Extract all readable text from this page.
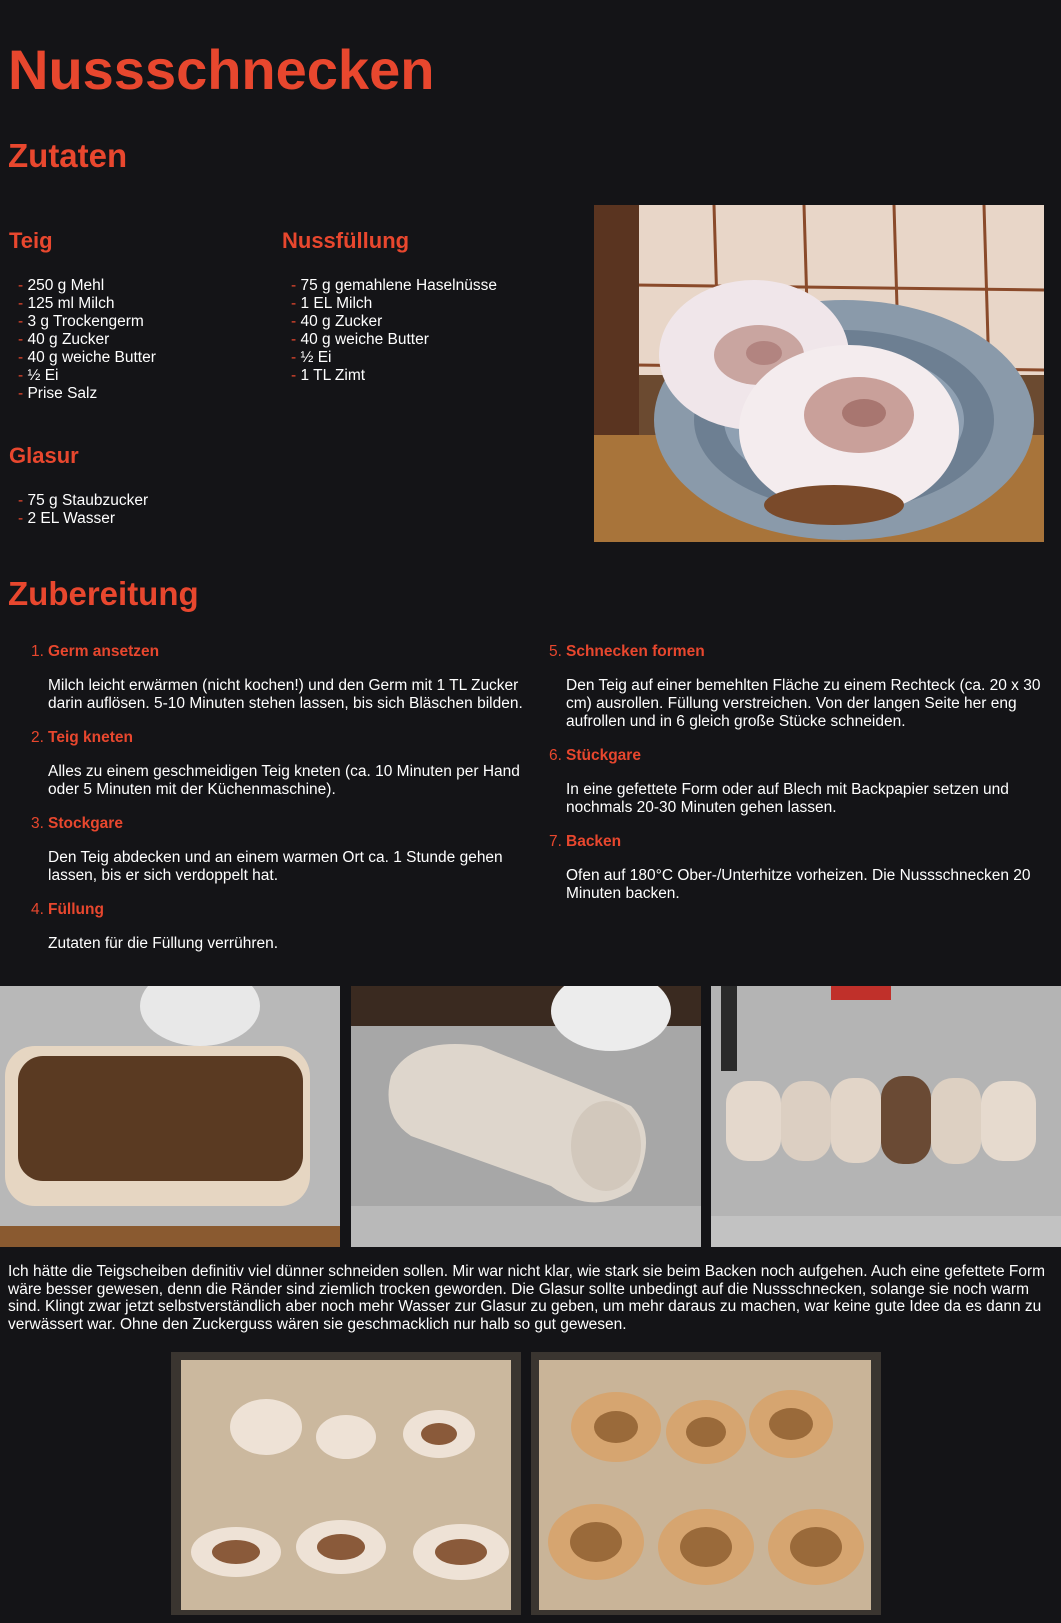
Nussschnecken
Zutaten
Teig
- 250 g Mehl
- 125 ml Milch
- 3 g Trockengerm
- 40 g Zucker
- 40 g weiche Butter
- ½ Ei
- Prise Salz
Nussfüllung
- 75 g gemahlene Haselnüsse
- 1 EL Milch
- 40 g Zucker
- 40 g weiche Butter
- ½ Ei
- 1 TL Zimt
Glasur
- 75 g Staubzucker
- 2 EL Wasser
Zubereitung
1. Germ ansetzen
Milch leicht erwärmen (nicht kochen!) und den Germ mit 1 TL Zucker darin auflösen. 5-10 Minuten stehen lassen, bis sich Bläschen bilden.
2. Teig kneten
Alles zu einem geschmeidigen Teig kneten (ca. 10 Minuten per Hand oder 5 Minuten mit der Küchenmaschine).
3. Stockgare
Den Teig abdecken und an einem warmen Ort ca. 1 Stunde gehen lassen, bis er sich verdoppelt hat.
4. Füllung
Zutaten für die Füllung verrühren.
5. Schnecken formen
Den Teig auf einer bemehlten Fläche zu einem Rechteck (ca. 20 x 30 cm) ausrollen. Füllung verstreichen. Von der langen Seite her eng aufrollen und in 6 gleich große Stücke schneiden.
6. Stückgare
In eine gefettete Form oder auf Blech mit Backpapier setzen und nochmals 20-30 Minuten gehen lassen.
7. Backen
Ofen auf 180°C Ober-/Unterhitze vorheizen. Die Nussschnecken 20 Minuten backen.

Ich hätte die Teigscheiben definitiv viel dünner schneiden sollen. Mir war nicht klar, wie stark sie beim Backen noch aufgehen. Auch eine gefettete Form wäre besser gewesen, denn die Ränder sind ziemlich trocken geworden. Die Glasur sollte unbedingt auf die Nussschnecken, solange sie noch warm sind. Klingt zwar jetzt selbstverständlich aber noch mehr Wasser zur Glasur zu geben, um mehr daraus zu machen, war keine gute Idee da es dann zu verwässert war. Ohne den Zuckerguss wären sie geschmacklich nur halb so gut gewesen.
